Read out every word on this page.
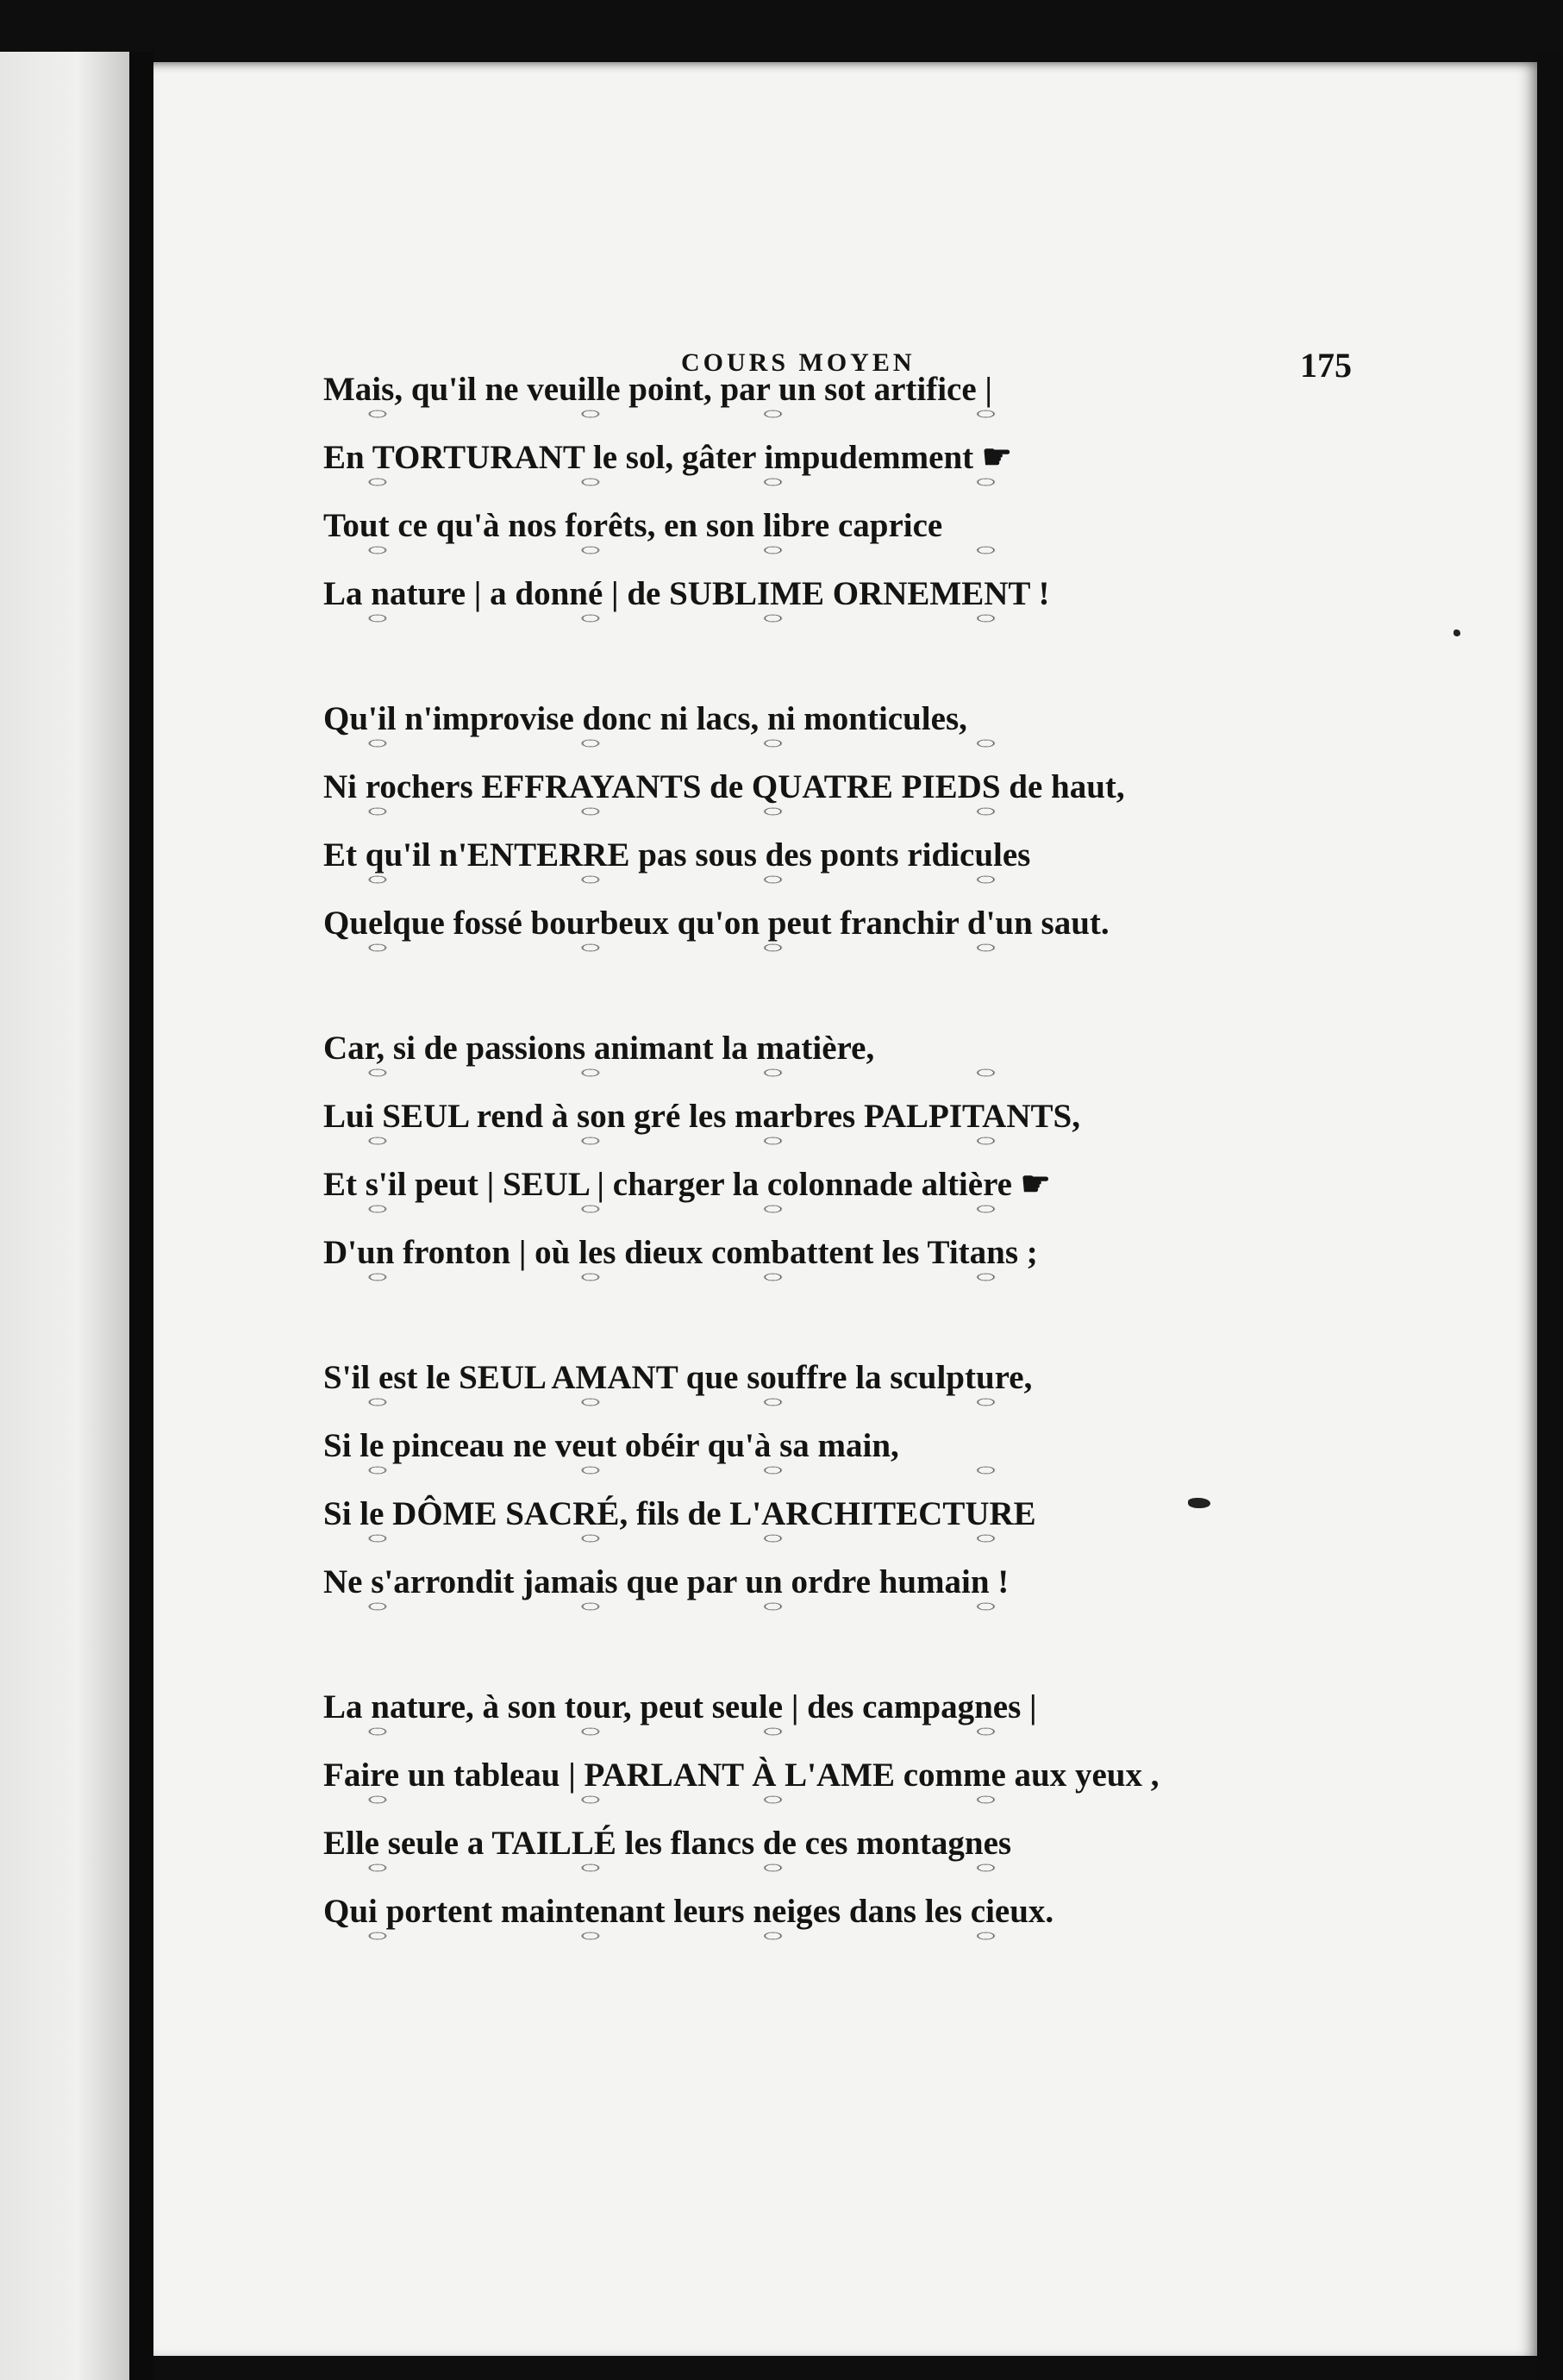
COURS MOYEN	175
Mais, qu'il ne veuille point, par un sot artifice |
En TORTURANT le sol, gâter impudemment ☛
Tout ce qu'à nos forêts, en son libre caprice
La nature | a donné | de SUBLIME ORNEMENT !
Qu'il n'improvise donc ni lacs, ni monticules,
Ni rochers EFFRAYANTS de QUATRE PIEDS de haut,
Et qu'il n'ENTERRE pas sous des ponts ridicules
Quelque fossé bourbeux qu'on peut franchir d'un saut.
Car, si de passions animant la matière,
Lui SEUL rend à son gré les marbres PALPITANTS,
Et s'il peut | SEUL | charger la colonnade altière ☛
D'un fronton | où les dieux combattent les Titans ;
S'il est le SEUL AMANT que souffre la sculpture,
Si le pinceau ne veut obéir qu'à sa main,
Si le DÔME SACRÉ, fils de L'ARCHITECTURE
Ne s'arrondit jamais que par un ordre humain !
La nature, à son tour, peut seule | des campagnes |
Faire un tableau | PARLANT À L'AME comme aux yeux ,
Elle seule a TAILLÉ les flancs de ces montagnes
Qui portent maintenant leurs neiges dans les cieux.
